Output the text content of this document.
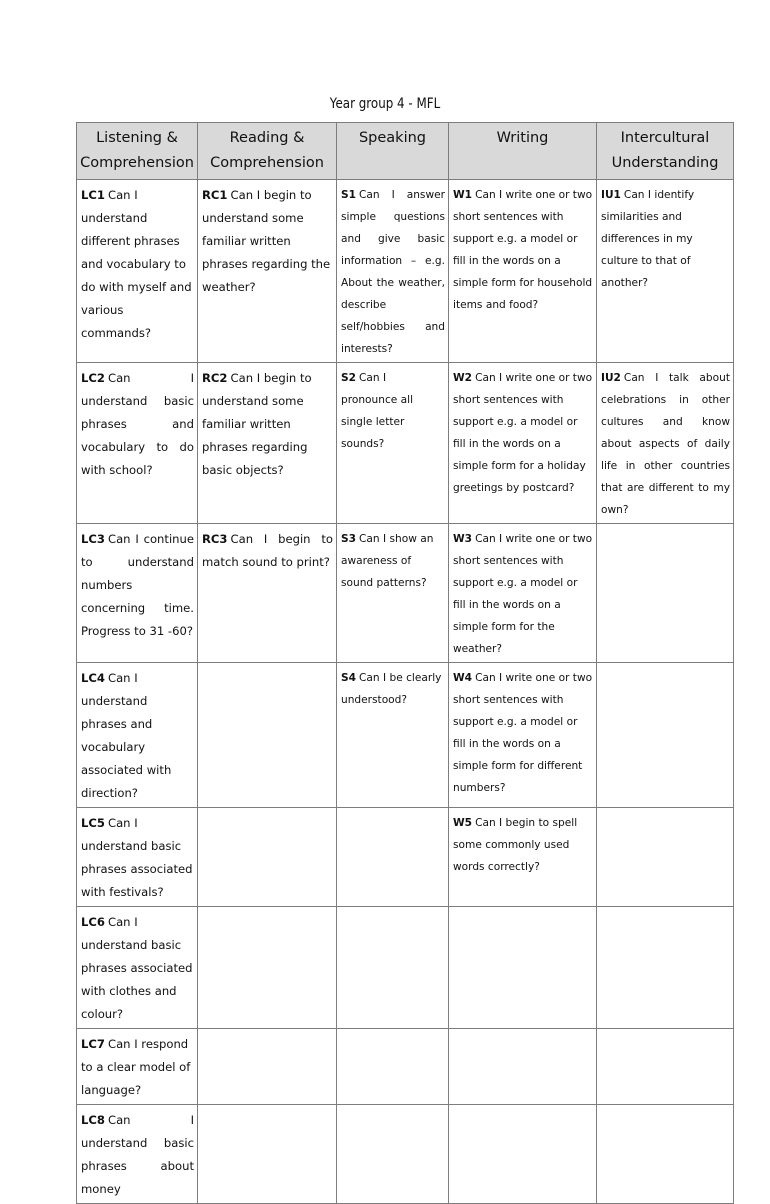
Year group 4 - MFL
Listening &
Comprehension	Reading &
Comprehension	Speaking	Writing	Intercultural
Understanding

LC1 Can I understand different phrases and vocabulary to do with myself and various commands?	RC1 Can I begin to understand some familiar written phrases regarding the weather?	S1 Can I answer simple questions and give basic information – e.g. About the weather, describe self/hobbies and interests?	W1 Can I write one or two short sentences with support e.g. a model or fill in the words on a simple form for household items and food?	IU1 Can I identify similarities and differences in my culture to that of another?

LC2 Can I understand basic phrases and vocabulary to do with school?	RC2 Can I begin to understand some familiar written phrases regarding basic objects?	S2 Can I pronounce all single letter sounds?	W2 Can I write one or two short sentences with support e.g. a model or fill in the words on a simple form for a holiday greetings by postcard?	IU2 Can I talk about celebrations in other cultures and know about aspects of daily life in other countries that are different to my own?

LC3 Can I continue to understand numbers concerning time. Progress to 31 -60?	RC3 Can I begin to match sound to print?	S3 Can I show an awareness of sound patterns?	W3 Can I write one or two short sentences with support e.g. a model or fill in the words on a simple form for the weather?	

LC4 Can I understand phrases and vocabulary associated with direction?		S4 Can I be clearly understood?	W4 Can I write one or two short sentences with support e.g. a model or fill in the words on a simple form for different numbers?	

LC5 Can I understand basic phrases associated with festivals?			W5 Can I begin to spell some commonly used words correctly?	

LC6 Can I understand basic phrases associated with clothes and colour?				

LC7 Can I respond to a clear model of language?				

LC8 Can I understand basic phrases about money				
